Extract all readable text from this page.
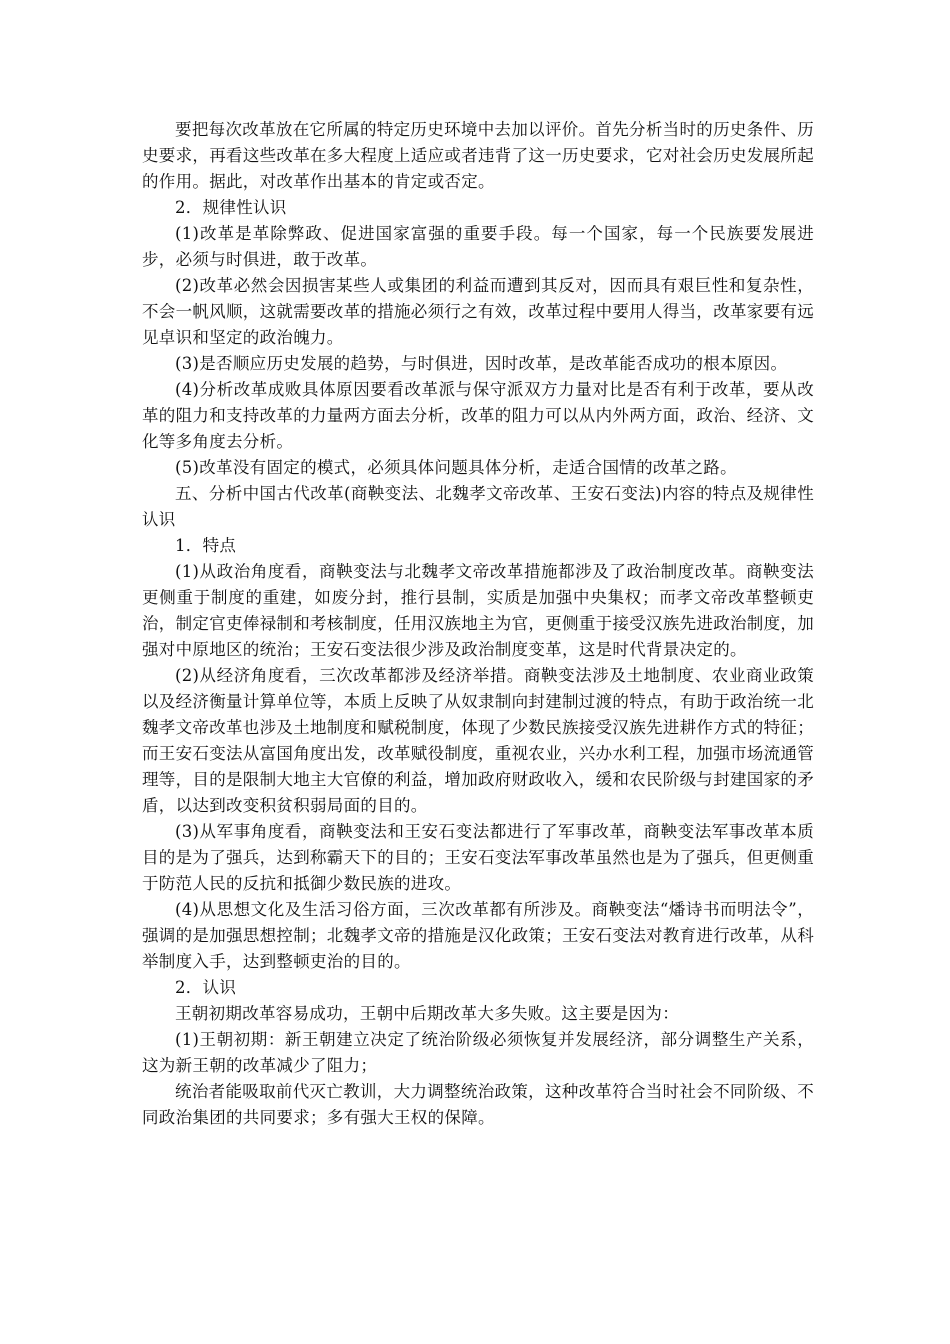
要把每次改革放在它所属的特定历史环境中去加以评价。首先分析当时的历史条件、历史要求，再看这些改革在多大程度上适应或者违背了这一历史要求，它对社会历史发展所起的作用。据此，对改革作出基本的肯定或否定。

2．规律性认识

(1)改革是革除弊政、促进国家富强的重要手段。每一个国家，每一个民族要发展进步，必须与时俱进，敢于改革。

(2)改革必然会因损害某些人或集团的利益而遭到其反对，因而具有艰巨性和复杂性，不会一帆风顺，这就需要改革的措施必须行之有效，改革过程中要用人得当，改革家要有远见卓识和坚定的政治魄力。

(3)是否顺应历史发展的趋势，与时俱进，因时改革，是改革能否成功的根本原因。

(4)分析改革成败具体原因要看改革派与保守派双方力量对比是否有利于改革，要从改革的阻力和支持改革的力量两方面去分析，改革的阻力可以从内外两方面，政治、经济、文化等多角度去分析。

(5)改革没有固定的模式，必须具体问题具体分析，走适合国情的改革之路。

五、分析中国古代改革(商鞅变法、北魏孝文帝改革、王安石变法)内容的特点及规律性认识

1．特点

(1)从政治角度看，商鞅变法与北魏孝文帝改革措施都涉及了政治制度改革。商鞅变法更侧重于制度的重建，如废分封，推行县制，实质是加强中央集权；而孝文帝改革整顿吏治，制定官吏俸禄制和考核制度，任用汉族地主为官，更侧重于接受汉族先进政治制度，加强对中原地区的统治；王安石变法很少涉及政治制度变革，这是时代背景决定的。

(2)从经济角度看，三次改革都涉及经济举措。商鞅变法涉及土地制度、农业商业政策以及经济衡量计算单位等，本质上反映了从奴隶制向封建制过渡的特点，有助于政治统一北魏孝文帝改革也涉及土地制度和赋税制度，体现了少数民族接受汉族先进耕作方式的特征；而王安石变法从富国角度出发，改革赋役制度，重视农业，兴办水利工程，加强市场流通管理等，目的是限制大地主大官僚的利益，增加政府财政收入，缓和农民阶级与封建国家的矛盾，以达到改变积贫积弱局面的目的。

(3)从军事角度看，商鞅变法和王安石变法都进行了军事改革，商鞅变法军事改革本质目的是为了强兵，达到称霸天下的目的；王安石变法军事改革虽然也是为了强兵，但更侧重于防范人民的反抗和抵御少数民族的进攻。

(4)从思想文化及生活习俗方面，三次改革都有所涉及。商鞅变法“燔诗书而明法令”，强调的是加强思想控制；北魏孝文帝的措施是汉化政策；王安石变法对教育进行改革，从科举制度入手，达到整顿吏治的目的。

2．认识

王朝初期改革容易成功，王朝中后期改革大多失败。这主要是因为：

(1)王朝初期：新王朝建立决定了统治阶级必须恢复并发展经济，部分调整生产关系，这为新王朝的改革减少了阻力；

统治者能吸取前代灭亡教训，大力调整统治政策，这种改革符合当时社会不同阶级、不同政治集团的共同要求；多有强大王权的保障。
